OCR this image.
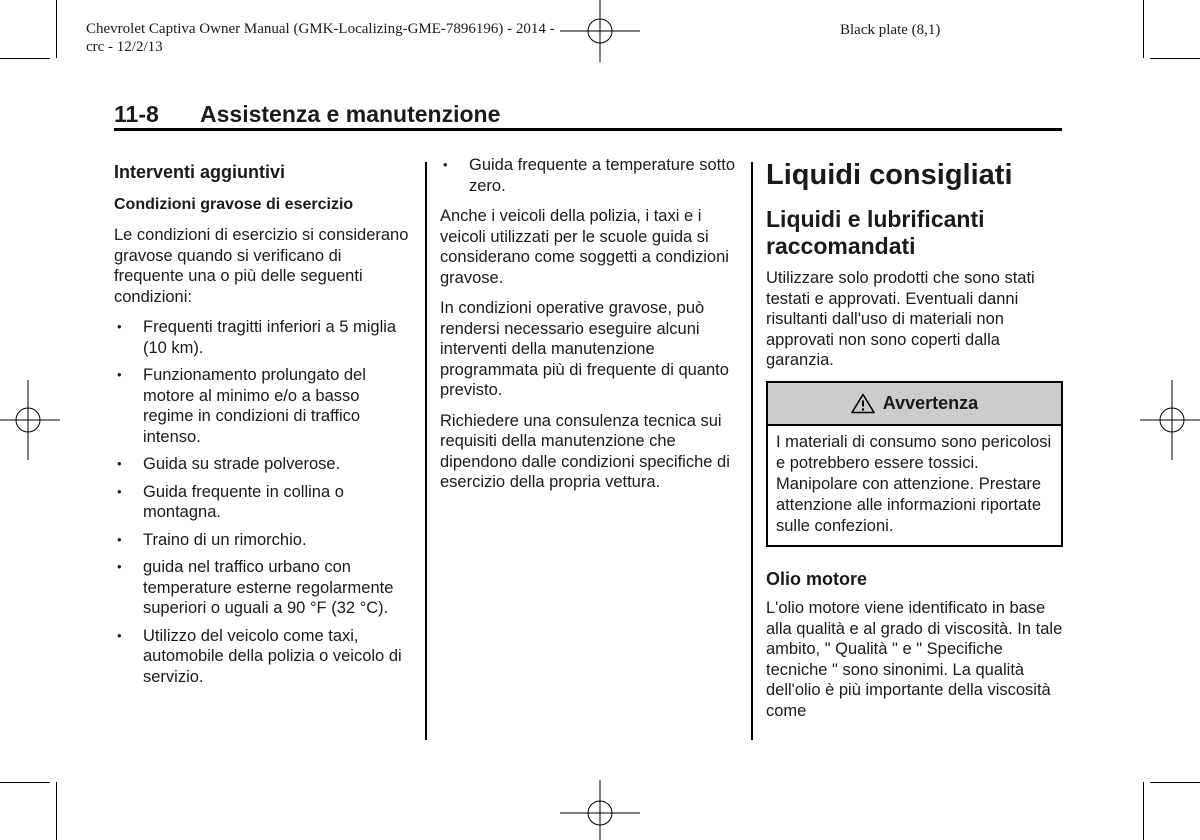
Chevrolet Captiva Owner Manual (GMK-Localizing-GME-7896196) - 2014 -
crc - 12/2/13
Black plate (8,1)
11-8 Assistenza e manutenzione
Interventi aggiuntivi
Condizioni gravose di esercizio

Le condizioni di esercizio si considerano gravose quando si verificano di frequente una o più delle seguenti condizioni:

• Frequenti tragitti inferiori a 5 miglia (10 km).
• Funzionamento prolungato del motore al minimo e/o a basso regime in condizioni di traffico intenso.
• Guida su strade polverose.
• Guida frequente in collina o montagna.
• Traino di un rimorchio.
• guida nel traffico urbano con temperature esterne regolarmente superiori o uguali a 90 °F (32 °C).
• Utilizzo del veicolo come taxi, automobile della polizia o veicolo di servizio.
• Guida frequente a temperature sotto zero.

Anche i veicoli della polizia, i taxi e i veicoli utilizzati per le scuole guida si considerano come soggetti a condizioni gravose.

In condizioni operative gravose, può rendersi necessario eseguire alcuni interventi della manutenzione programmata più di frequente di quanto previsto.

Richiedere una consulenza tecnica sui requisiti della manutenzione che dipendono dalle condizioni specifiche di esercizio della propria vettura.

Liquidi consigliati
Liquidi e lubrificanti raccomandati

Utilizzare solo prodotti che sono stati testati e approvati. Eventuali danni risultanti dall'uso di materiali non approvati non sono coperti dalla garanzia.

Avvertenza
I materiali di consumo sono pericolosi e potrebbero essere tossici. Manipolare con attenzione. Prestare attenzione alle informazioni riportate sulle confezioni.
Olio motore

L'olio motore viene identificato in base alla qualità e al grado di viscosità. In tale ambito, " Qualità " e " Specifiche tecniche " sono sinonimi. La qualità dell'olio è più importante della viscosità come
